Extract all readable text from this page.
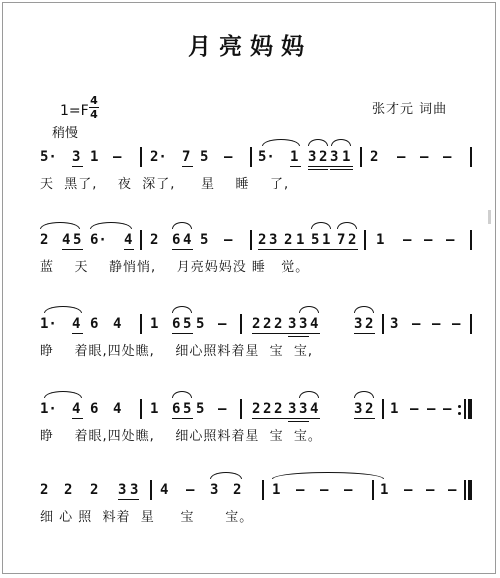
月亮妈妈
1=F
4
4
稍慢
张才元 词曲
5· 3 1 – 2· 7 5 – 5· 1 3 2 3 1 2 – – –
天  黑了,    夜  深了,     星    睡    了,
2 4 5 6· 4 2 6 4 5 – 2 3 2 1 5 1 7 2 1 – – –
蓝    天    静悄悄,    月亮妈妈没 睡   觉。
1· 4 6 4 1 6 5 5 – 2 2 2 3 3 4	3 2 3 – – –
睁    着眼,四处瞧,    细心照料着星  宝  宝,
1· 4 6 4 1 6 5 5 – 2 2 2 3 3 4	3 2 1 – – –
睁    着眼,四处瞧,    细心照料着星  宝  宝。
2 2 2 3 3 4 – 3 2 1 – – – 1 – – –
细 心 照  料着  星     宝      宝。
